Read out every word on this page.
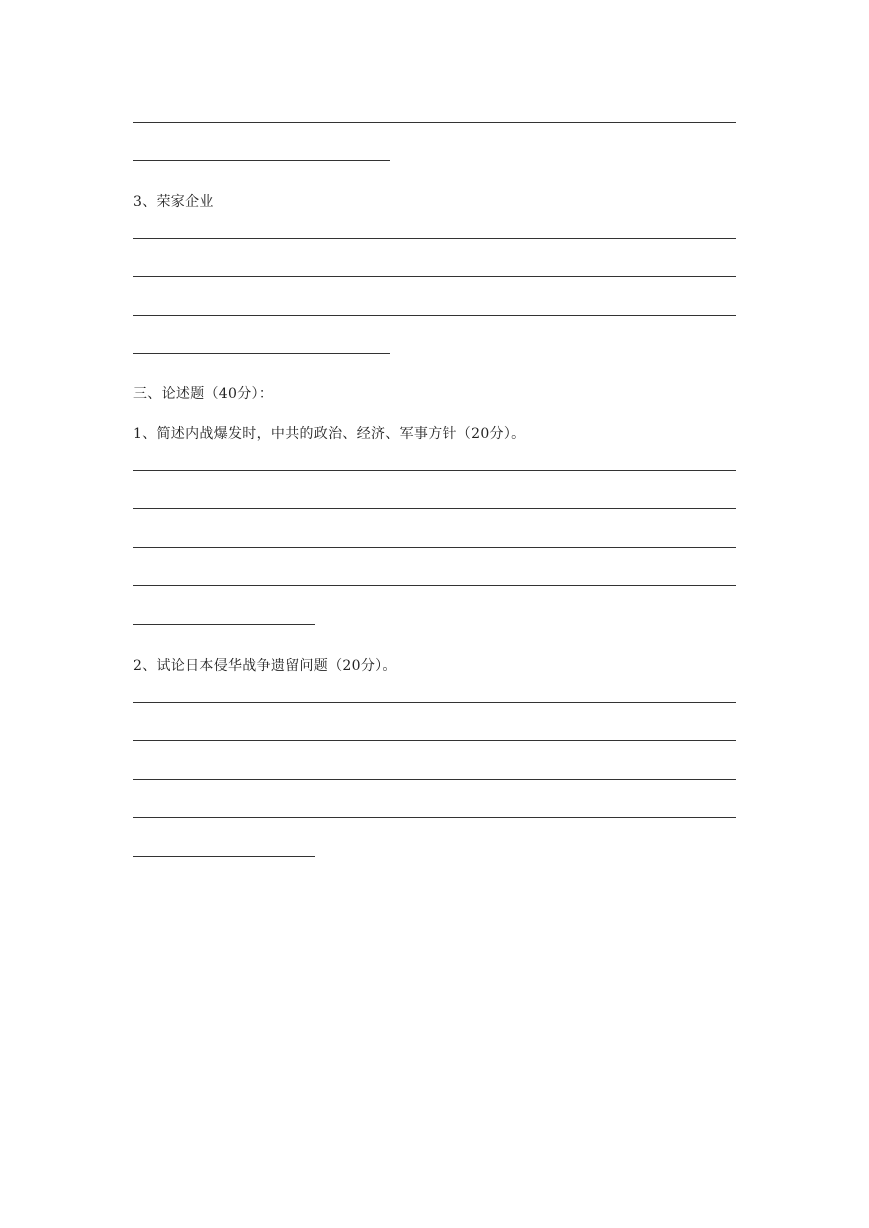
3、荣家企业
三、论述题（40分）：
1、简述内战爆发时，中共的政治、经济、军事方针（20分）。
2、试论日本侵华战争遗留问题（20分）。
